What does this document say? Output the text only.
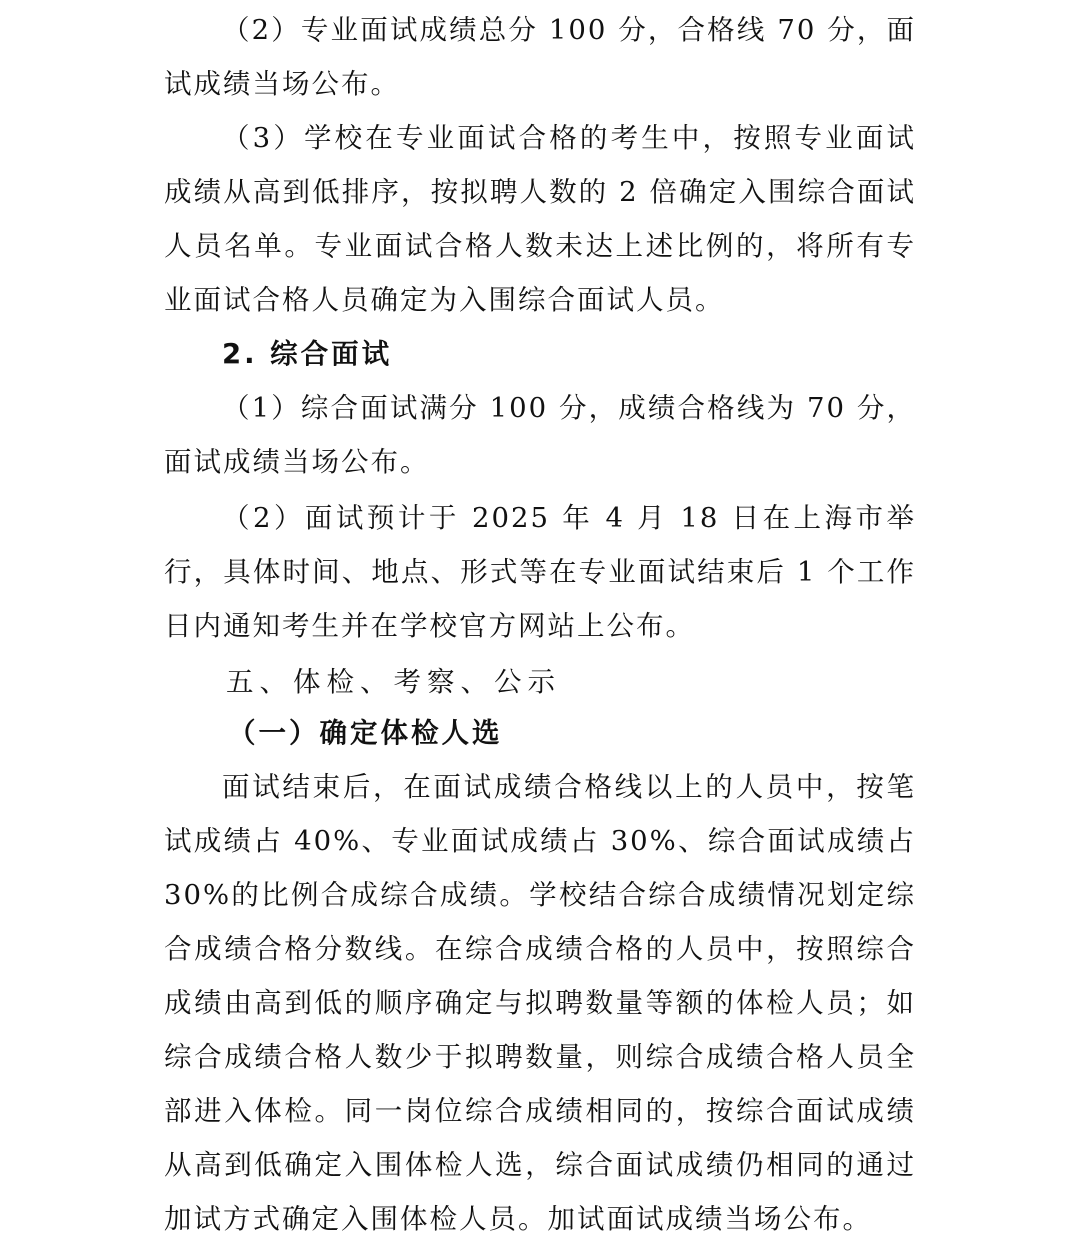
（2）专业面试成绩总分 100 分，合格线 70 分，面试成绩当场公布。

（3）学校在专业面试合格的考生中，按照专业面试成绩从高到低排序，按拟聘人数的 2 倍确定入围综合面试人员名单。专业面试合格人数未达上述比例的，将所有专业面试合格人员确定为入围综合面试人员。

2. 综合面试

（1）综合面试满分 100 分，成绩合格线为 70 分，面试成绩当场公布。

（2）面试预计于 2025 年 4 月 18 日在上海市举行，具体时间、地点、形式等在专业面试结束后 1 个工作日内通知考生并在学校官方网站上公布。

五、体检、考察、公示
（一）确定体检人选

面试结束后，在面试成绩合格线以上的人员中，按笔试成绩占 40%、专业面试成绩占 30%、综合面试成绩占 30%的比例合成综合成绩。学校结合综合成绩情况划定综合成绩合格分数线。在综合成绩合格的人员中，按照综合成绩由高到低的顺序确定与拟聘数量等额的体检人员；如综合成绩合格人数少于拟聘数量，则综合成绩合格人员全部进入体检。同一岗位综合成绩相同的，按综合面试成绩从高到低确定入围体检人选，综合面试成绩仍相同的通过加试方式确定入围体检人员。加试面试成绩当场公布。
